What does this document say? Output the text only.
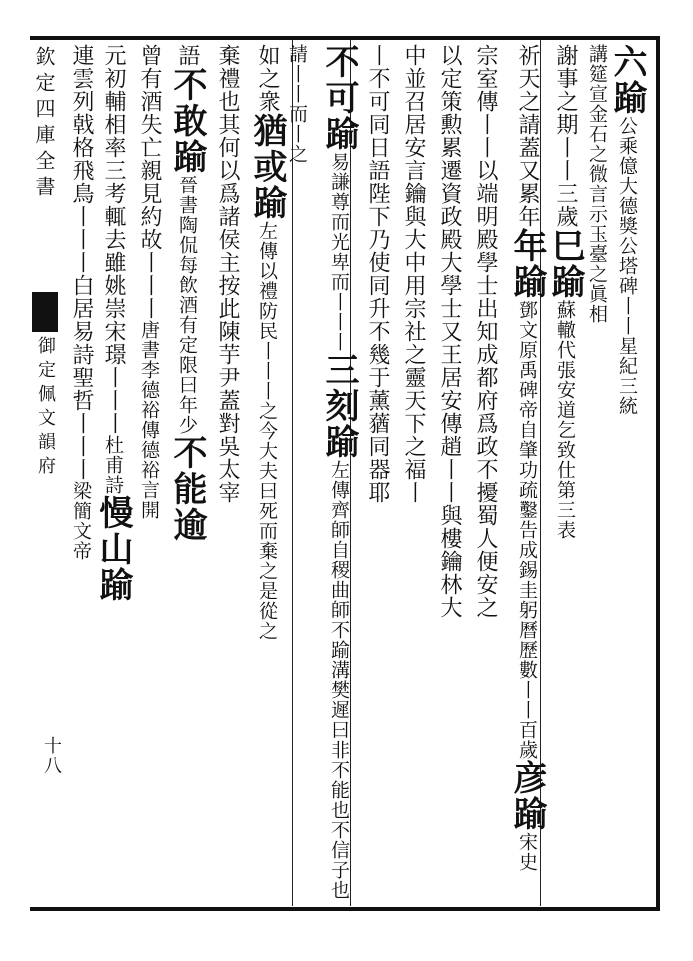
欽定四庫全書
御定佩文韻府
十八
六踰公乘億大德獎公塔碑丨丨星紀三統
講筵宣金石之微言示玉臺之眞相
謝事之期丨丨三歲巳踰蘇轍代張安道乞致仕第三表
祈天之請蓋又累年年踰鄧文原禹碑帝自肇功疏鑿告成錫圭躬曆歷數丨丨百歲彦踰宋史
宗室傳丨丨以端明殿學士出知成都府爲政不擾蜀人便安之
以定策勲累遷資政殿大學士又王居安傳趙丨丨與樓鑰林大
中並召居安言鑰與大中用宗社之靈天下之福丨
丨不可同日語陛下乃使同升不幾于薰蕕同器耶
不可踰易謙尊而光卑而丨丨丨三刻踰左傳齊師自稷曲師不踰溝樊遲曰非不能也不信子也請丨丨而丨之
如之衆猶或踰左傳以禮防民丨丨丨之今大夫曰死而棄之是從之
棄禮也其何以爲諸侯主按此陳芋尹蓋對吳太宰
語不敢踰晉書陶侃每飲酒有定限曰年少不能逾
曾有酒失亡親見約故丨丨丨唐書李德裕傳德裕言開
元初輔相率三考輒去雖姚崇宋璟丨丨丨杜甫詩慢山踰
連雲列戟格飛鳥丨丨丨白居易詩聖哲丨丨丨梁簡文帝
